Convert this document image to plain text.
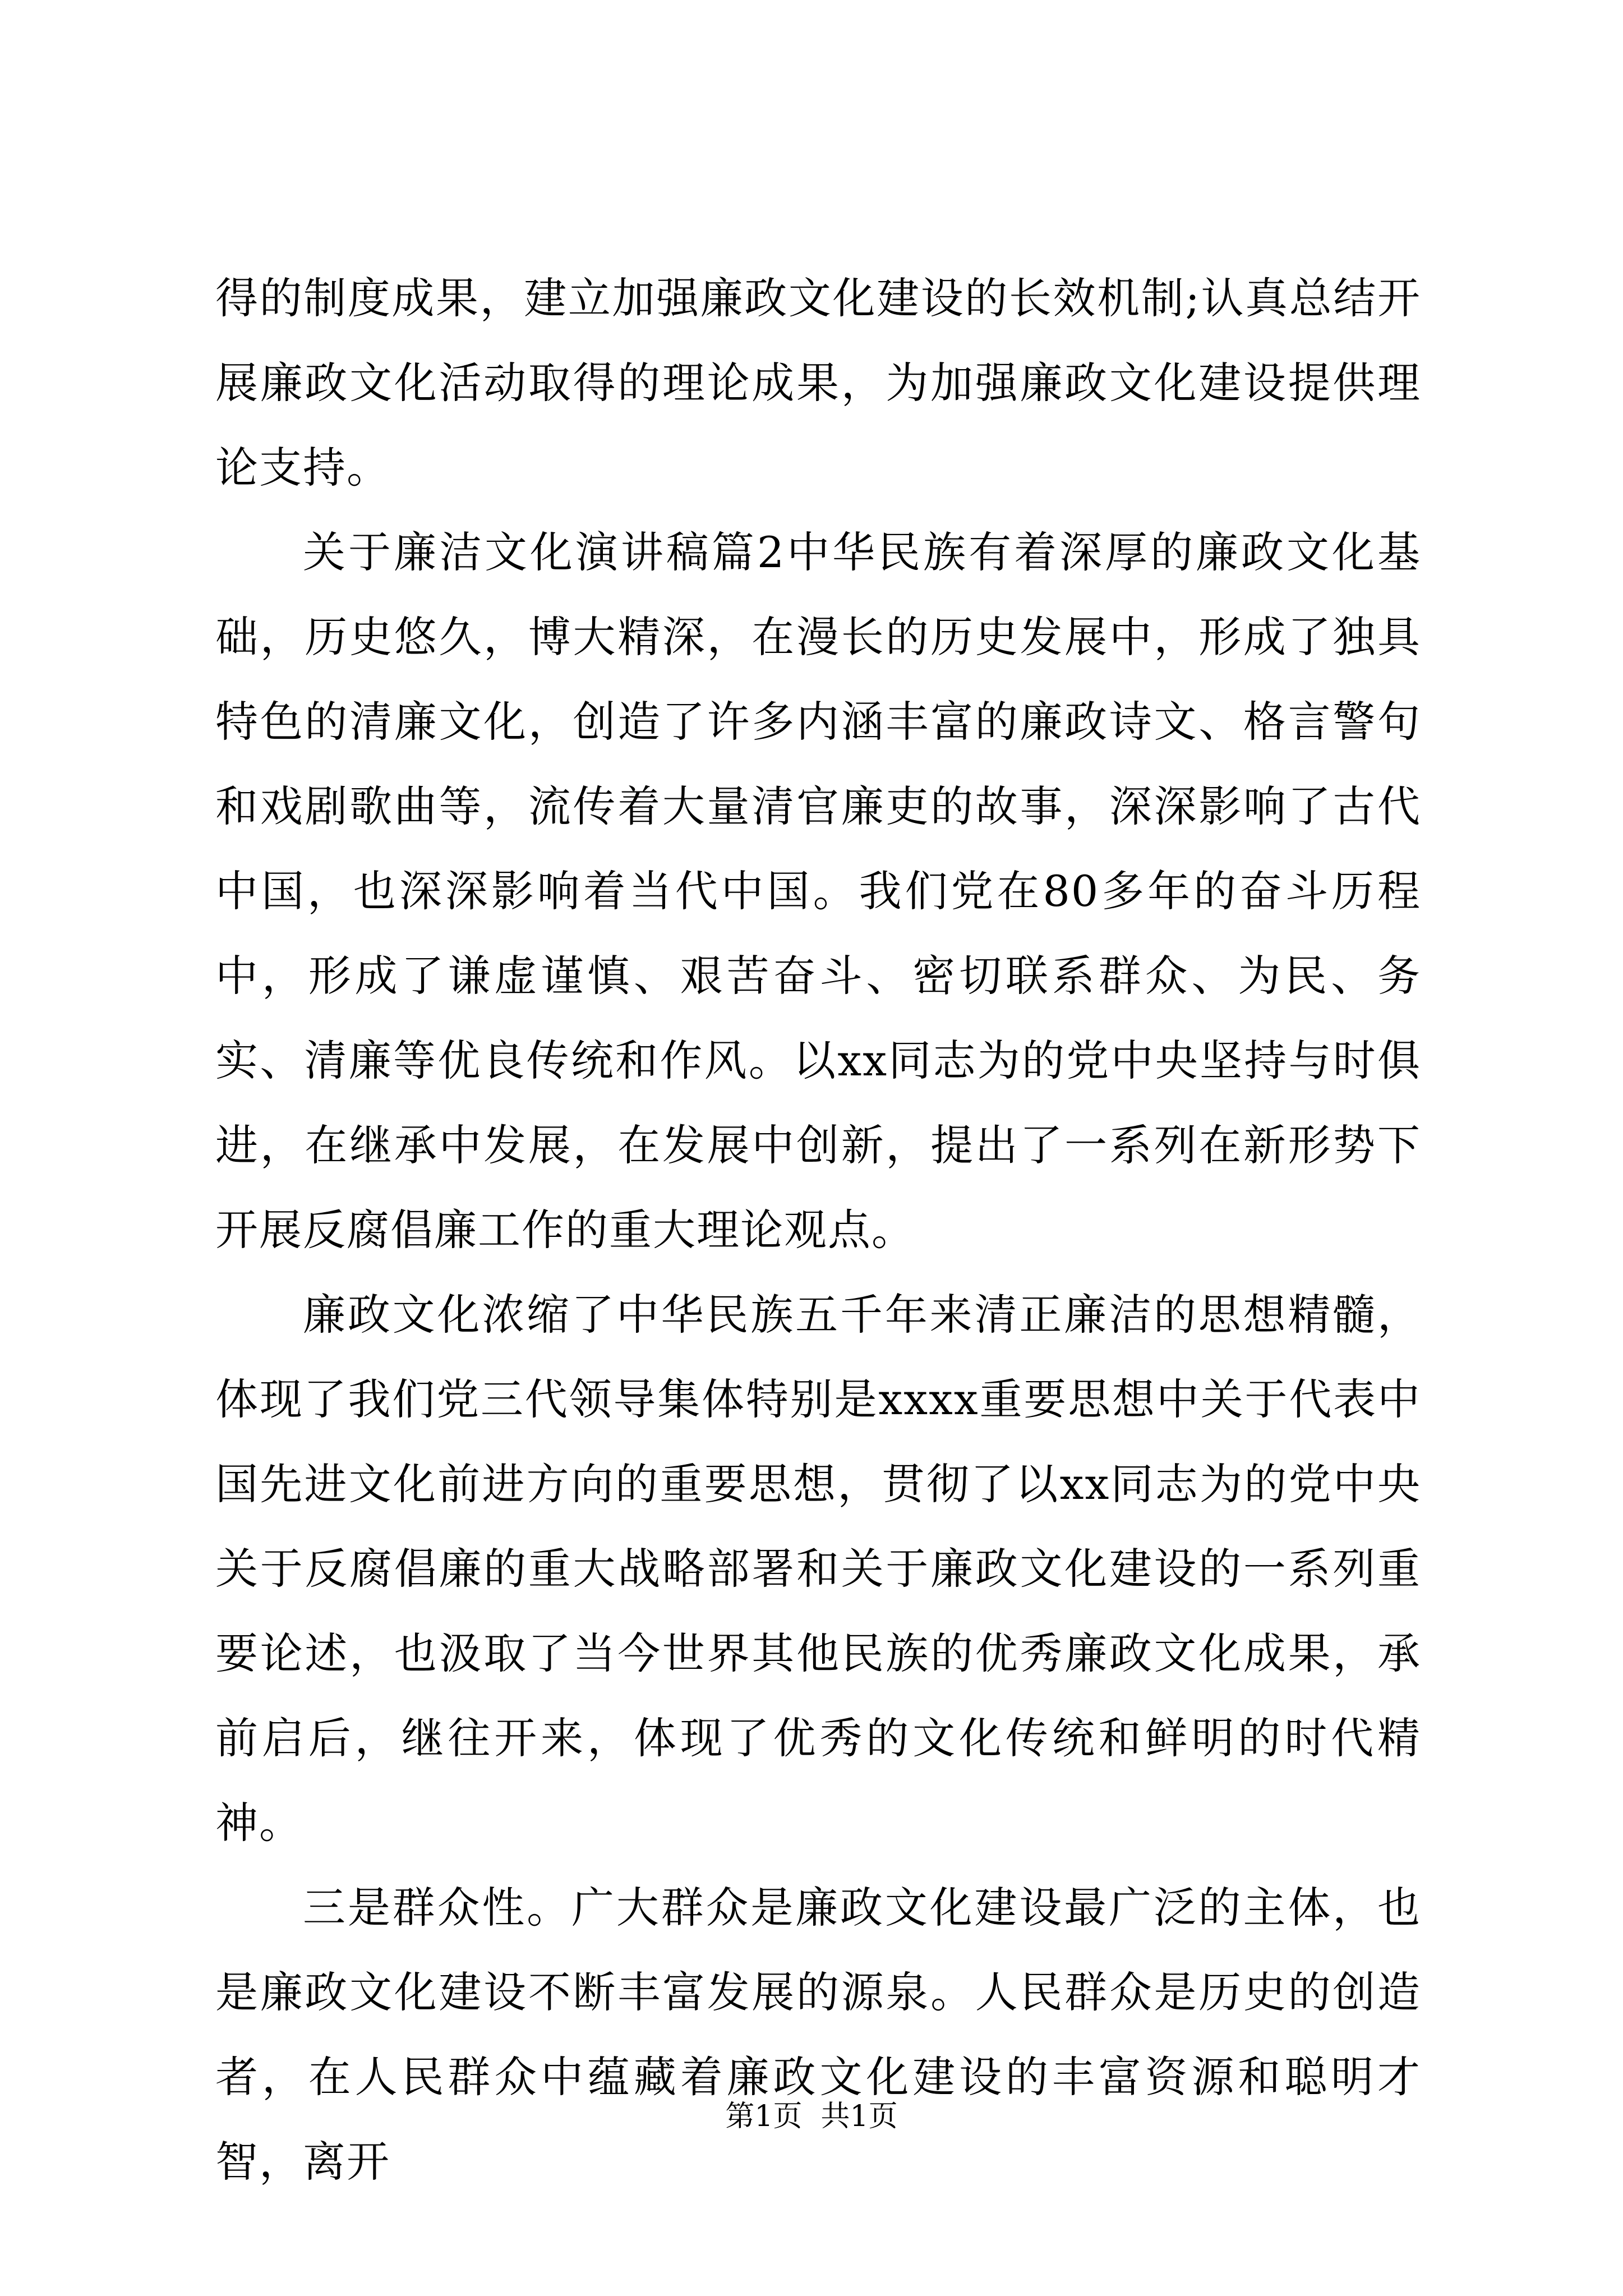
得的制度成果，建立加强廉政文化建设的长效机制;认真总结开展廉政文化活动取得的理论成果，为加强廉政文化建设提供理论支持。

关于廉洁文化演讲稿篇2中华民族有着深厚的廉政文化基础，历史悠久，博大精深，在漫长的历史发展中，形成了独具特色的清廉文化，创造了许多内涵丰富的廉政诗文、格言警句和戏剧歌曲等，流传着大量清官廉吏的故事，深深影响了古代中国，也深深影响着当代中国。我们党在80多年的奋斗历程中，形成了谦虚谨慎、艰苦奋斗、密切联系群众、为民、务实、清廉等优良传统和作风。以xx同志为的党中央坚持与时俱进，在继承中发展，在发展中创新，提出了一系列在新形势下开展反腐倡廉工作的重大理论观点。

廉政文化浓缩了中华民族五千年来清正廉洁的思想精髓，体现了我们党三代领导集体特别是xxxx重要思想中关于代表中国先进文化前进方向的重要思想，贯彻了以xx同志为的党中央关于反腐倡廉的重大战略部署和关于廉政文化建设的一系列重要论述，也汲取了当今世界其他民族的优秀廉政文化成果，承前启后，继往开来，体现了优秀的文化传统和鲜明的时代精神。

三是群众性。广大群众是廉政文化建设最广泛的主体，也是廉政文化建设不断丰富发展的源泉。人民群众是历史的创造者，在人民群众中蕴藏着廉政文化建设的丰富资源和聪明才智，离开

第1页  共1页
